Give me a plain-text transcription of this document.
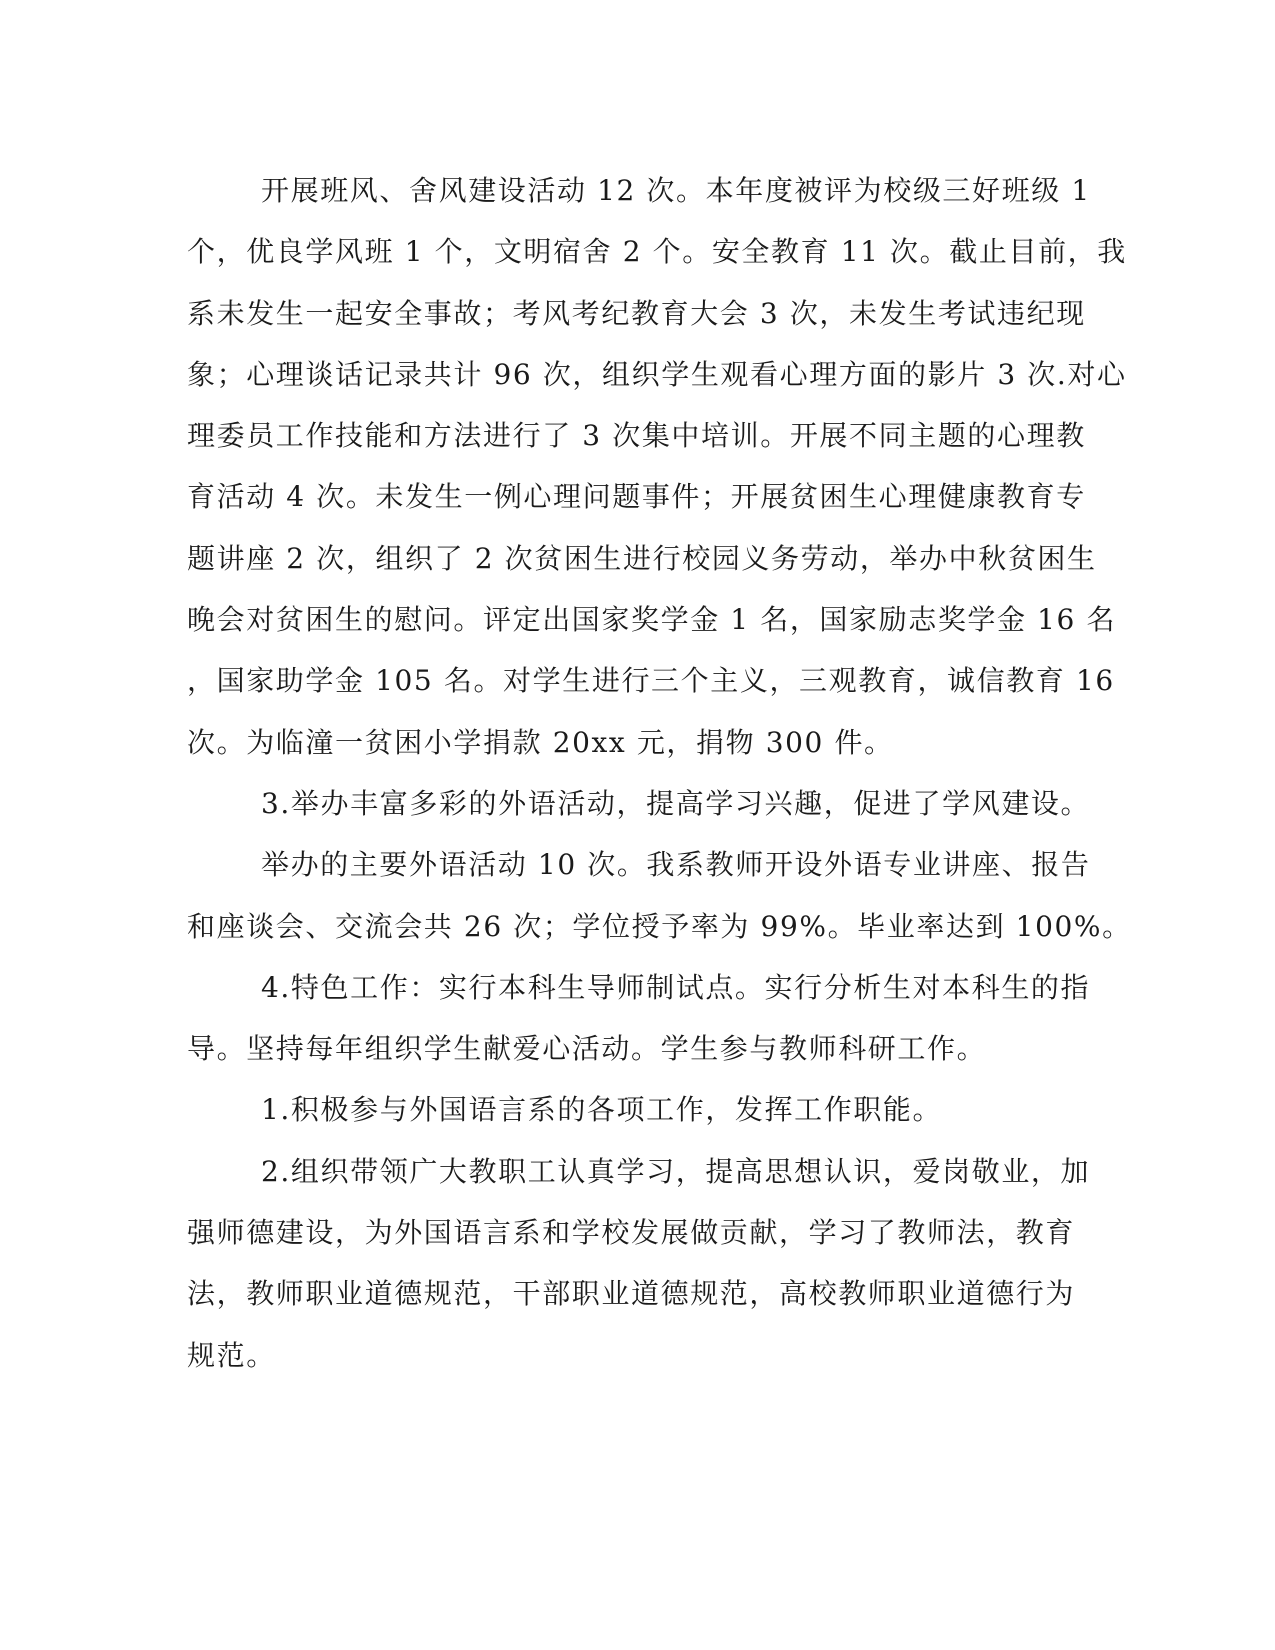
开展班风、舍风建设活动 12 次。本年度被评为校级三好班级 1
个，优良学风班 1 个，文明宿舍 2 个。安全教育 11 次。截止目前，我
系未发生一起安全事故；考风考纪教育大会 3 次，未发生考试违纪现
象；心理谈话记录共计 96 次，组织学生观看心理方面的影片 3 次.对心
理委员工作技能和方法进行了 3 次集中培训。开展不同主题的心理教
育活动 4 次。未发生一例心理问题事件；开展贫困生心理健康教育专
题讲座 2 次，组织了 2 次贫困生进行校园义务劳动，举办中秋贫困生
晚会对贫困生的慰问。评定出国家奖学金 1 名，国家励志奖学金 16 名
，国家助学金 105 名。对学生进行三个主义，三观教育，诚信教育 16
次。为临潼一贫困小学捐款 20xx 元，捐物 300 件。
3.举办丰富多彩的外语活动，提高学习兴趣，促进了学风建设。
举办的主要外语活动 10 次。我系教师开设外语专业讲座、报告
和座谈会、交流会共 26 次；学位授予率为 99%。毕业率达到 100%。
4.特色工作：实行本科生导师制试点。实行分析生对本科生的指
导。坚持每年组织学生献爱心活动。学生参与教师科研工作。
1.积极参与外国语言系的各项工作，发挥工作职能。
2.组织带领广大教职工认真学习，提高思想认识，爱岗敬业，加
强师德建设，为外国语言系和学校发展做贡献，学习了教师法，教育
法，教师职业道德规范，干部职业道德规范，高校教师职业道德行为
规范。
